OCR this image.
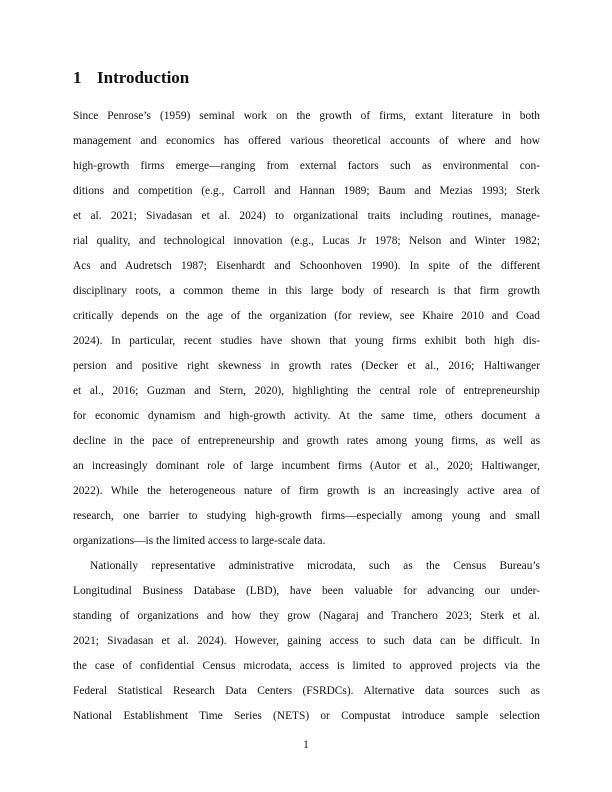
1 Introduction
Since Penrose’s (1959) seminal work on the growth of firms, extant literature in both
management and economics has offered various theoretical accounts of where and how
high-growth firms emerge—ranging from external factors such as environmental con-
ditions and competition (e.g., Carroll and Hannan 1989; Baum and Mezias 1993; Sterk
et al. 2021; Sivadasan et al. 2024) to organizational traits including routines, manage-
rial quality, and technological innovation (e.g., Lucas Jr 1978; Nelson and Winter 1982;
Acs and Audretsch 1987; Eisenhardt and Schoonhoven 1990). In spite of the different
disciplinary roots, a common theme in this large body of research is that firm growth
critically depends on the age of the organization (for review, see Khaire 2010 and Coad
2024). In particular, recent studies have shown that young firms exhibit both high dis-
persion and positive right skewness in growth rates (Decker et al., 2016; Haltiwanger
et al., 2016; Guzman and Stern, 2020), highlighting the central role of entrepreneurship
for economic dynamism and high-growth activity. At the same time, others document a
decline in the pace of entrepreneurship and growth rates among young firms, as well as
an increasingly dominant role of large incumbent firms (Autor et al., 2020; Haltiwanger,
2022). While the heterogeneous nature of firm growth is an increasingly active area of
research, one barrier to studying high-growth firms—especially among young and small
organizations—is the limited access to large-scale data.
Nationally representative administrative microdata, such as the Census Bureau’s
Longitudinal Business Database (LBD), have been valuable for advancing our under-
standing of organizations and how they grow (Nagaraj and Tranchero 2023; Sterk et al.
2021; Sivadasan et al. 2024). However, gaining access to such data can be difficult. In
the case of confidential Census microdata, access is limited to approved projects via the
Federal Statistical Research Data Centers (FSRDCs). Alternative data sources such as
National Establishment Time Series (NETS) or Compustat introduce sample selection
1
